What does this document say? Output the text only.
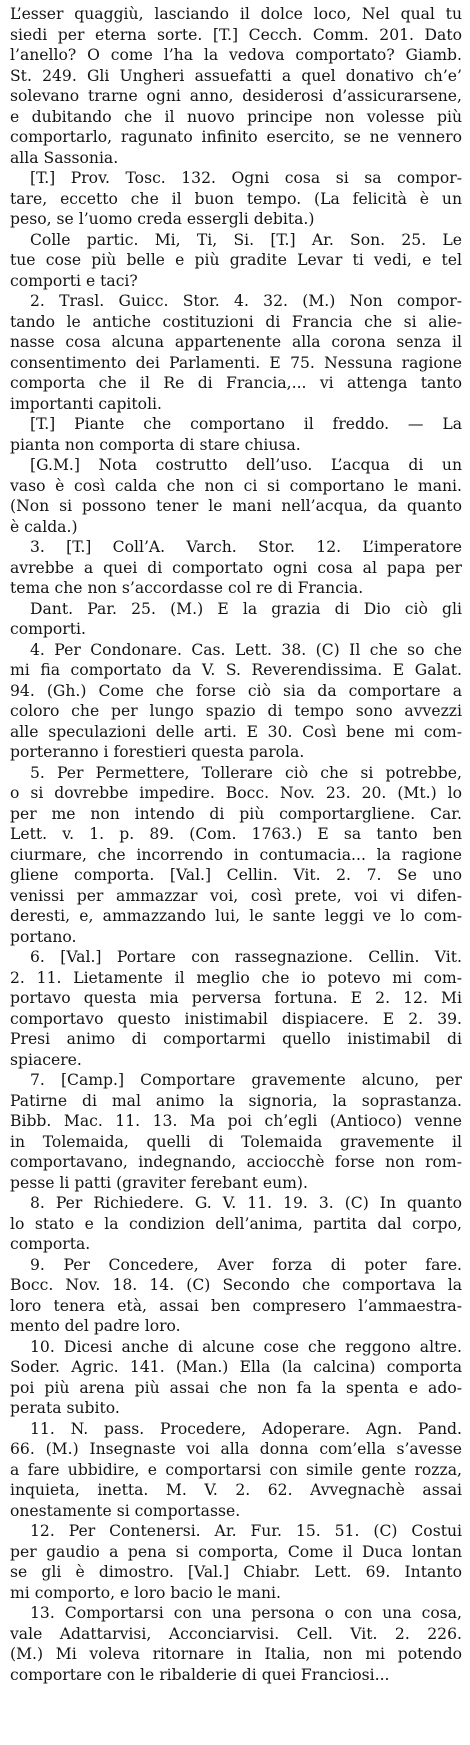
L’esser quaggiù, lasciando il dolce loco, Nel qual tu
siedi per eterna sorte. [T.] Cecch. Comm. 201. Dato
l’anello? O come l’ha la vedova comportato? Giamb.
St. 249. Gli Ungheri assuefatti a quel donativo ch’e’
solevano trarne ogni anno, desiderosi d’assicurarsene,
e dubitando che il nuovo principe non volesse più
comportarlo, ragunato infinito esercito, se ne vennero
alla Sassonia.
[T.] Prov. Tosc. 132. Ogni cosa si sa compor-
tare, eccetto che il buon tempo. (La felicità è un
peso, se l’uomo creda essergli debita.)
Colle partic. Mi, Ti, Si. [T.] Ar. Son. 25. Le
tue cose più belle e più gradite Levar ti vedi, e tel
comporti e taci?
2. Trasl. Guicc. Stor. 4. 32. (M.) Non compor-
tando le antiche costituzioni di Francia che si alie-
nasse cosa alcuna appartenente alla corona senza il
consentimento dei Parlamenti. E 75. Nessuna ragione
comporta che il Re di Francia,... vi attenga tanto
importanti capitoli.
[T.] Piante che comportano il freddo. — La
pianta non comporta di stare chiusa.
[G.M.] Nota costrutto dell’uso. L’acqua di un
vaso è così calda che non ci si comportano le mani.
(Non si possono tener le mani nell’acqua, da quanto
è calda.)
3. [T.] Coll’A. Varch. Stor. 12. L’imperatore
avrebbe a quei di comportato ogni cosa al papa per
tema che non s’accordasse col re di Francia.
Dant. Par. 25. (M.) E la grazia di Dio ciò gli
comporti.
4. Per Condonare. Cas. Lett. 38. (C) Il che so che
mi fia comportato da V. S. Reverendissima. E Galat.
94. (Gh.) Come che forse ciò sia da comportare a
coloro che per lungo spazio di tempo sono avvezzi
alle speculazioni delle arti. E 30. Così bene mi com-
porteranno i forestieri questa parola.
5. Per Permettere, Tollerare ciò che si potrebbe,
o si dovrebbe impedire. Bocc. Nov. 23. 20. (Mt.) lo
per me non intendo di più comportargliene. Car.
Lett. v. 1. p. 89. (Com. 1763.) E sa tanto ben
ciurmare, che incorrendo in contumacia... la ragione
gliene comporta. [Val.] Cellin. Vit. 2. 7. Se uno
venissi per ammazzar voi, così prete, voi vi difen-
deresti, e, ammazzando lui, le sante leggi ve lo com-
portano.
6. [Val.] Portare con rassegnazione. Cellin. Vit.
2. 11. Lietamente il meglio che io potevo mi com-
portavo questa mia perversa fortuna. E 2. 12. Mi
comportavo questo inistimabil dispiacere. E 2. 39.
Presi animo di comportarmi quello inistimabil di
spiacere.
7. [Camp.] Comportare gravemente alcuno, per
Patirne di mal animo la signoria, la soprastanza.
Bibb. Mac. 11. 13. Ma poi ch’egli (Antioco) venne
in Tolemaida, quelli di Tolemaida gravemente il
comportavano, indegnando, acciocchè forse non rom-
pesse li patti (graviter ferebant eum).
8. Per Richiedere. G. V. 11. 19. 3. (C) In quanto
lo stato e la condizion dell’anima, partita dal corpo,
comporta.
9. Per Concedere, Aver forza di poter fare.
Bocc. Nov. 18. 14. (C) Secondo che comportava la
loro tenera età, assai ben compresero l’ammaestra-
mento del padre loro.
10. Dicesi anche di alcune cose che reggono altre.
Soder. Agric. 141. (Man.) Ella (la calcina) comporta
poi più arena più assai che non fa la spenta e ado-
perata subito.
11. N. pass. Procedere, Adoperare. Agn. Pand.
66. (M.) Insegnaste voi alla donna com’ella s’avesse
a fare ubbidire, e comportarsi con simile gente rozza,
inquieta, inetta. M. V. 2. 62. Avvegnachè assai
onestamente si comportasse.
12. Per Contenersi. Ar. Fur. 15. 51. (C) Costui
per gaudio a pena si comporta, Come il Duca lontan
se gli è dimostro. [Val.] Chiabr. Lett. 69. Intanto
mi comporto, e loro bacio le mani.
13. Comportarsi con una persona o con una cosa,
vale Adattarvisi, Acconciarvisi. Cell. Vit. 2. 226.
(M.) Mi voleva ritornare in Italia, non mi potendo
comportare con le ribalderie di quei Franciosi...
